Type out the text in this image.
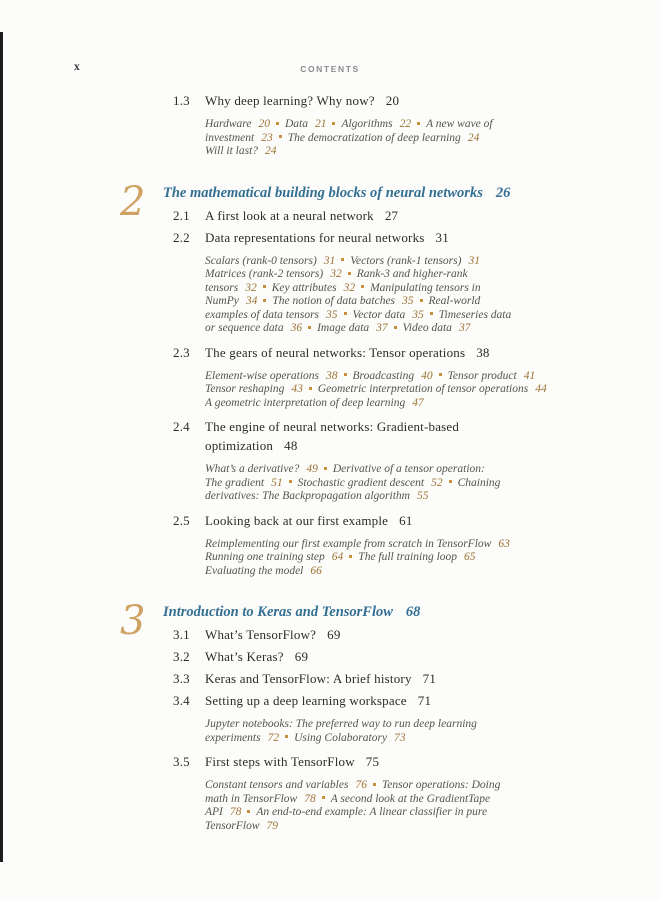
x	CONTENTS
1.3 Why deep learning? Why now? 20
Hardware 20 Data 21 Algorithms 22 A new wave of
investment 23 The democratization of deep learning 24
Will it last? 24
2 The mathematical building blocks of neural networks 26
2.1 A first look at a neural network 27
2.2 Data representations for neural networks 31
Scalars (rank-0 tensors) 31 Vectors (rank-1 tensors) 31
Matrices (rank-2 tensors) 32 Rank-3 and higher-rank
tensors 32 Key attributes 32 Manipulating tensors in
NumPy 34 The notion of data batches 35 Real-world
examples of data tensors 35 Vector data 35 Timeseries data
or sequence data 36 Image data 37 Video data 37
2.3 The gears of neural networks: Tensor operations 38
Element-wise operations 38 Broadcasting 40 Tensor product 41
Tensor reshaping 43 Geometric interpretation of tensor operations 44
A geometric interpretation of deep learning 47
2.4 The engine of neural networks: Gradient-based
optimization 48
What’s a derivative? 49 Derivative of a tensor operation:
The gradient 51 Stochastic gradient descent 52 Chaining
derivatives: The Backpropagation algorithm 55
2.5 Looking back at our first example 61
Reimplementing our first example from scratch in TensorFlow 63
Running one training step 64 The full training loop 65
Evaluating the model 66
3 Introduction to Keras and TensorFlow 68
3.1 What’s TensorFlow? 69
3.2 What’s Keras? 69
3.3 Keras and TensorFlow: A brief history 71
3.4 Setting up a deep learning workspace 71
Jupyter notebooks: The preferred way to run deep learning
experiments 72 Using Colaboratory 73
3.5 First steps with TensorFlow 75
Constant tensors and variables 76 Tensor operations: Doing
math in TensorFlow 78 A second look at the GradientTape
API 78 An end-to-end example: A linear classifier in pure
TensorFlow 79
